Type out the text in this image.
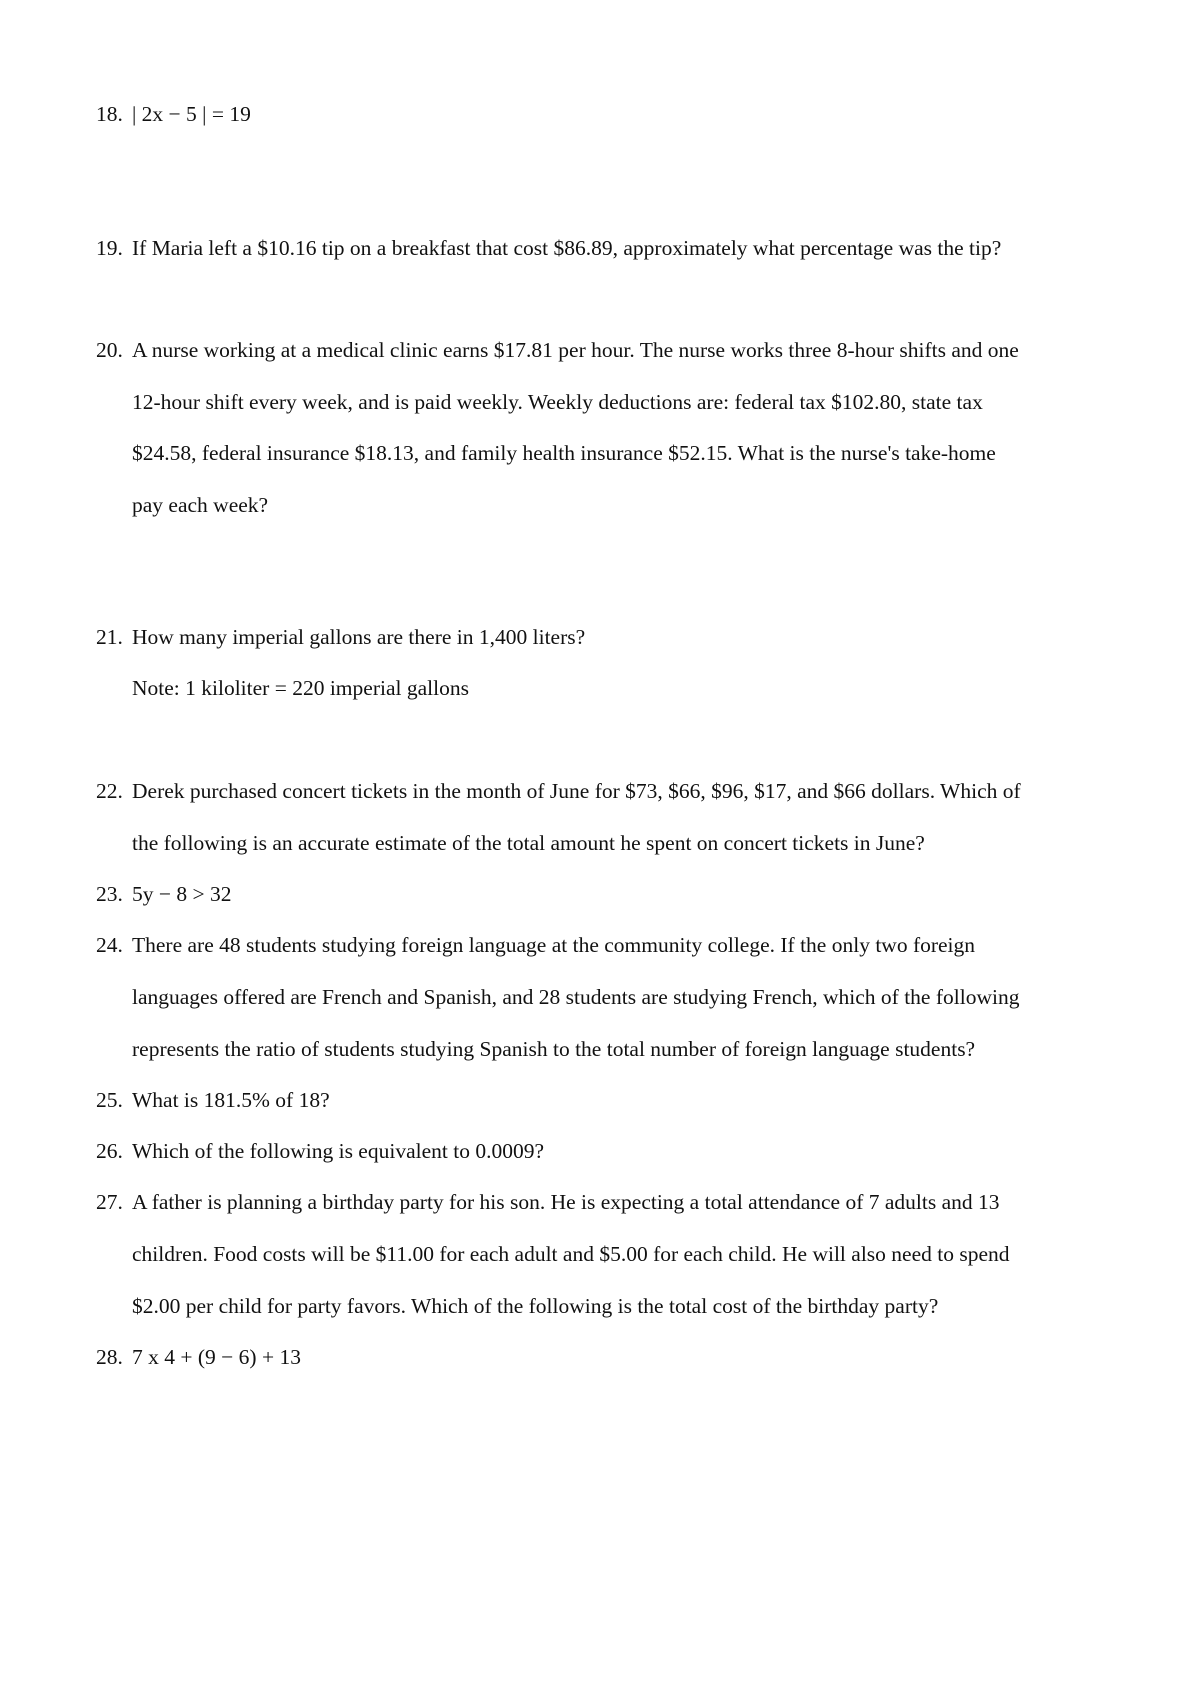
18. | 2x − 5 | = 19
19. If Maria left a $10.16 tip on a breakfast that cost $86.89, approximately what percentage was the tip?
20. A nurse working at a medical clinic earns $17.81 per hour. The nurse works three 8-hour shifts and one
12-hour shift every week, and is paid weekly. Weekly deductions are: federal tax $102.80, state tax
$24.58, federal insurance $18.13, and family health insurance $52.15. What is the nurse's take-home
pay each week?
21. How many imperial gallons are there in 1,400 liters?
Note: 1 kiloliter = 220 imperial gallons
22. Derek purchased concert tickets in the month of June for $73, $66, $96, $17, and $66 dollars. Which of
the following is an accurate estimate of the total amount he spent on concert tickets in June?
23. 5y − 8 > 32
24. There are 48 students studying foreign language at the community college. If the only two foreign
languages offered are French and Spanish, and 28 students are studying French, which of the following
represents the ratio of students studying Spanish to the total number of foreign language students?
25. What is 181.5% of 18?
26. Which of the following is equivalent to 0.0009?
27. A father is planning a birthday party for his son. He is expecting a total attendance of 7 adults and 13
children. Food costs will be $11.00 for each adult and $5.00 for each child. He will also need to spend
$2.00 per child for party favors. Which of the following is the total cost of the birthday party?
28. 7 x 4 + (9 − 6) + 13
